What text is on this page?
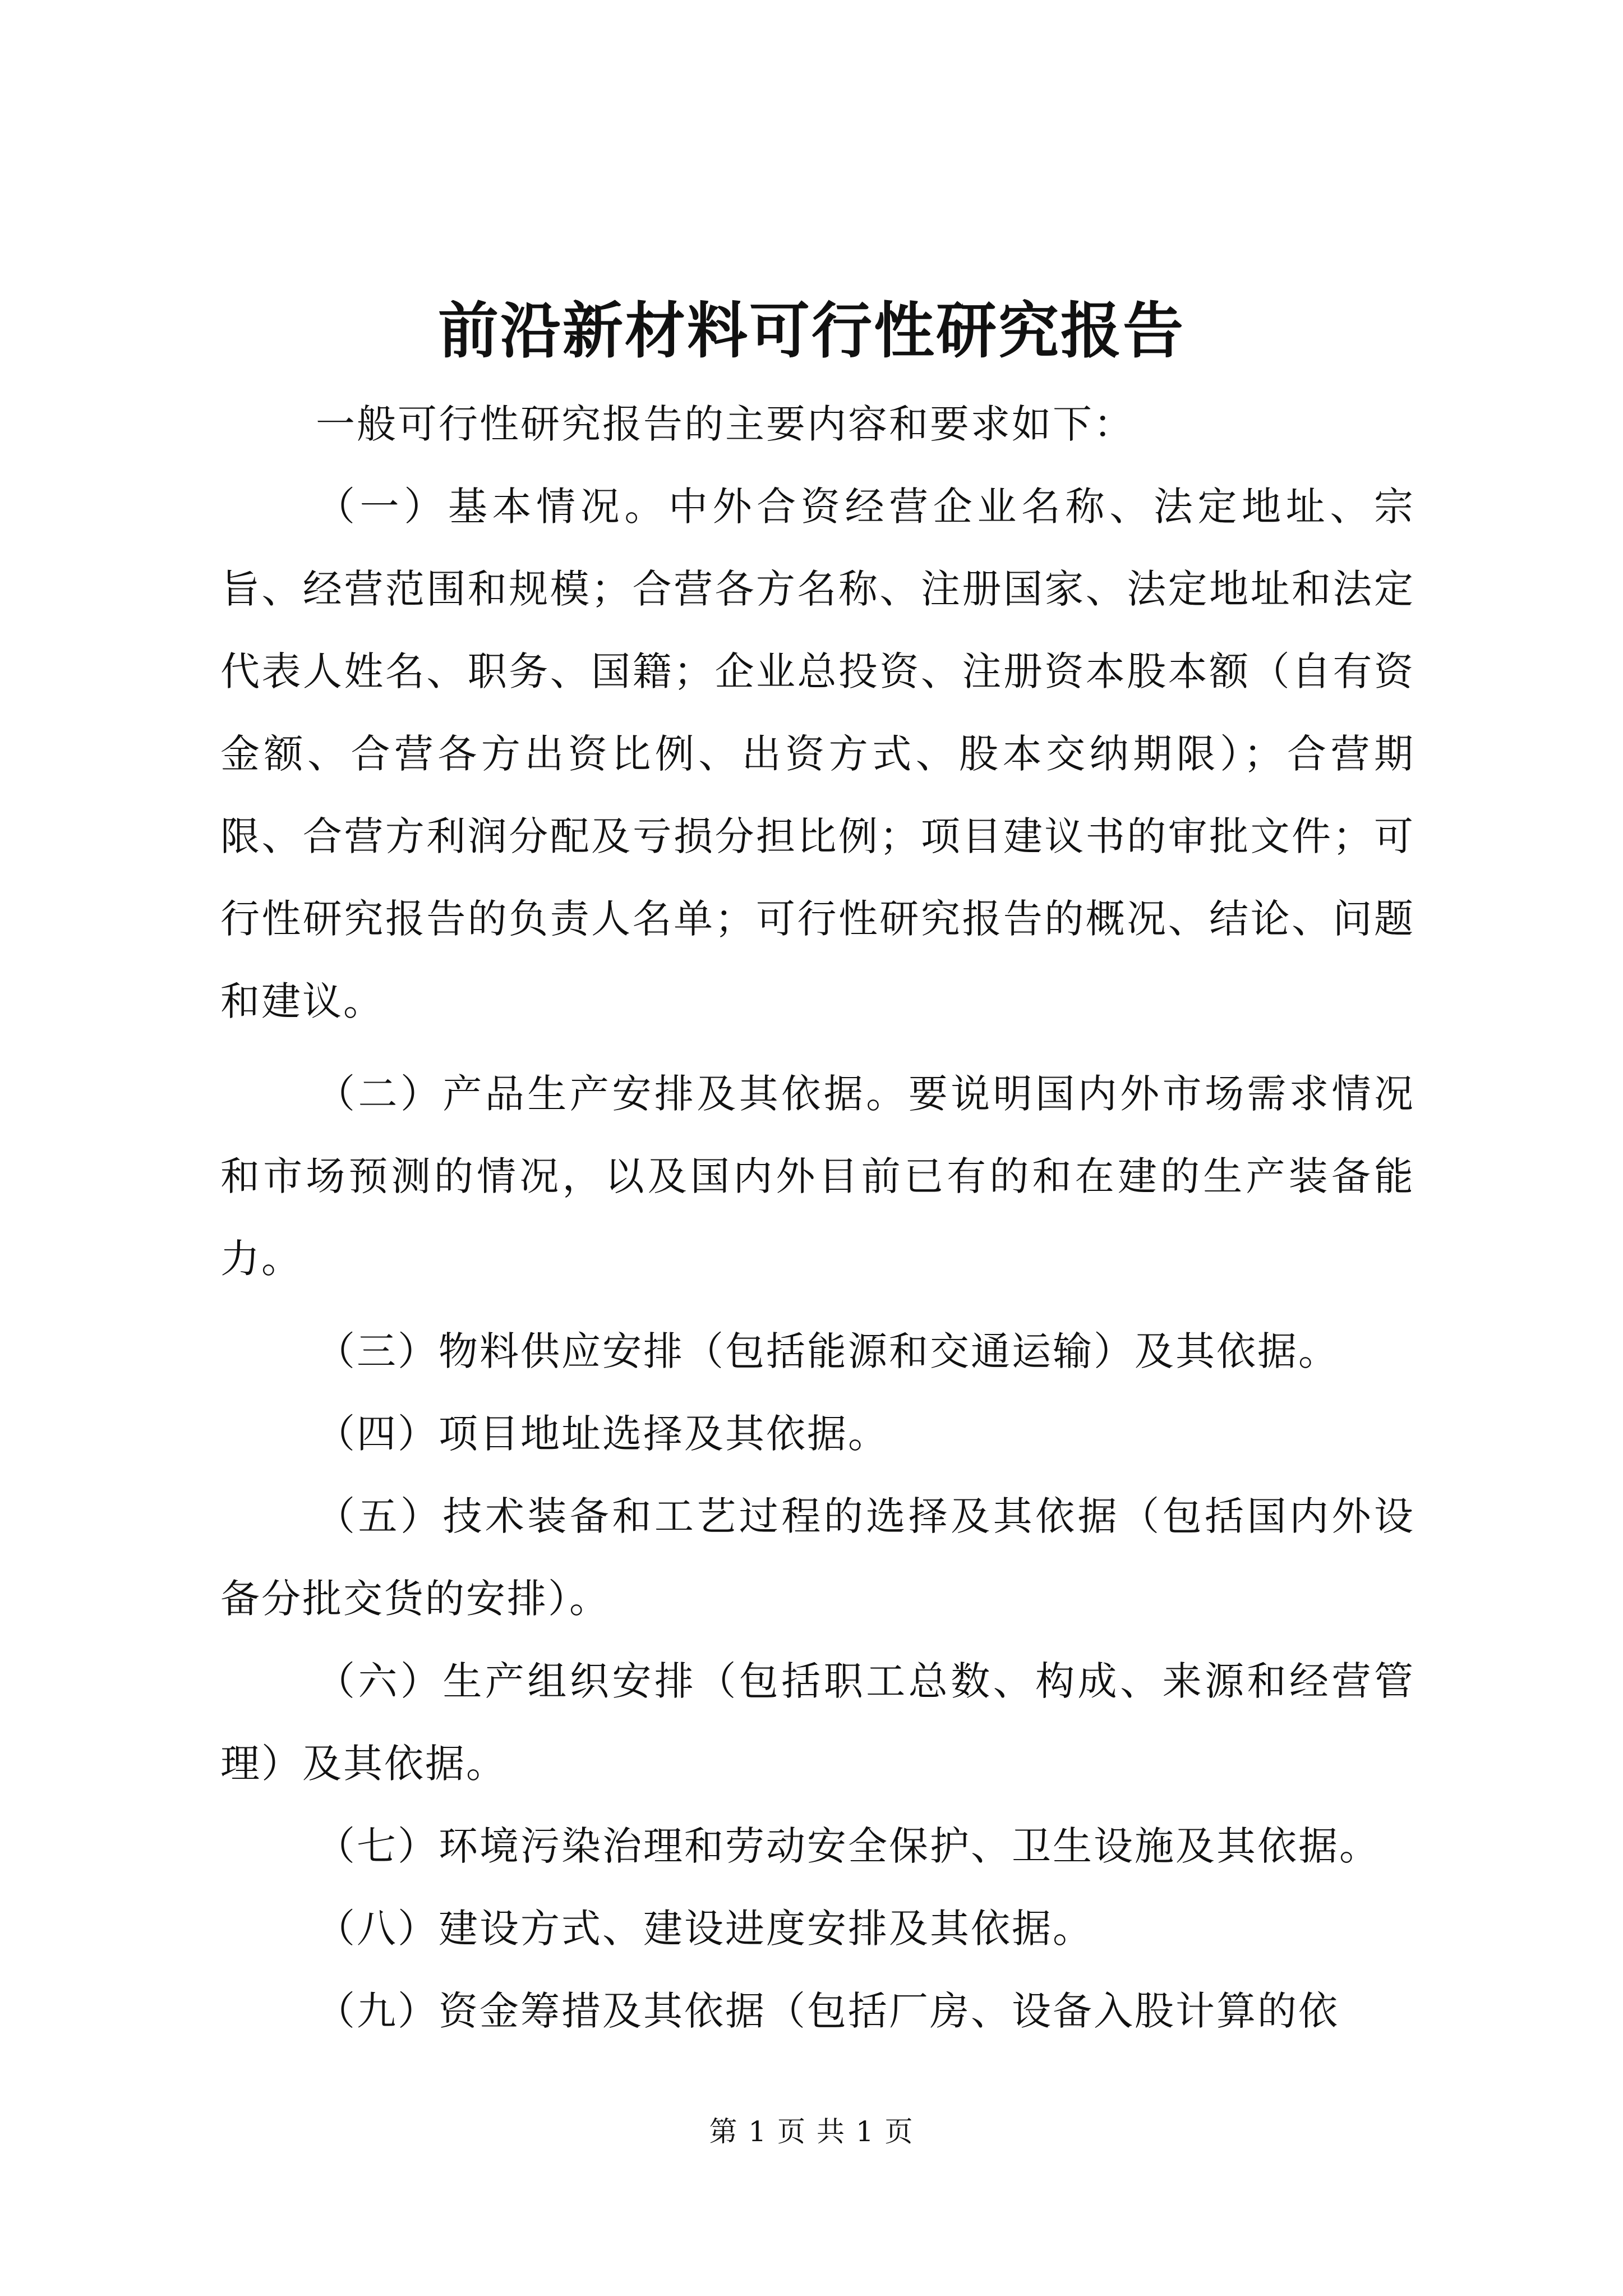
前沿新材料可行性研究报告

一般可行性研究报告的主要内容和要求如下：

（一）基本情况。中外合资经营企业名称、法定地址、宗旨、经营范围和规模；合营各方名称、注册国家、法定地址和法定代表人姓名、职务、国籍；企业总投资、注册资本股本额（自有资金额、合营各方出资比例、出资方式、股本交纳期限）；合营期限、合营方利润分配及亏损分担比例；项目建议书的审批文件；可行性研究报告的负责人名单；可行性研究报告的概况、结论、问题和建议。

（二）产品生产安排及其依据。要说明国内外市场需求情况和市场预测的情况，以及国内外目前已有的和在建的生产装备能力。

（三）物料供应安排（包括能源和交通运输）及其依据。

（四）项目地址选择及其依据。

（五）技术装备和工艺过程的选择及其依据（包括国内外设备分批交货的安排）。

（六）生产组织安排（包括职工总数、构成、来源和经营管理）及其依据。

（七）环境污染治理和劳动安全保护、卫生设施及其依据。

（八）建设方式、建设进度安排及其依据。

（九）资金筹措及其依据（包括厂房、设备入股计算的依

第 1 页 共 1 页
